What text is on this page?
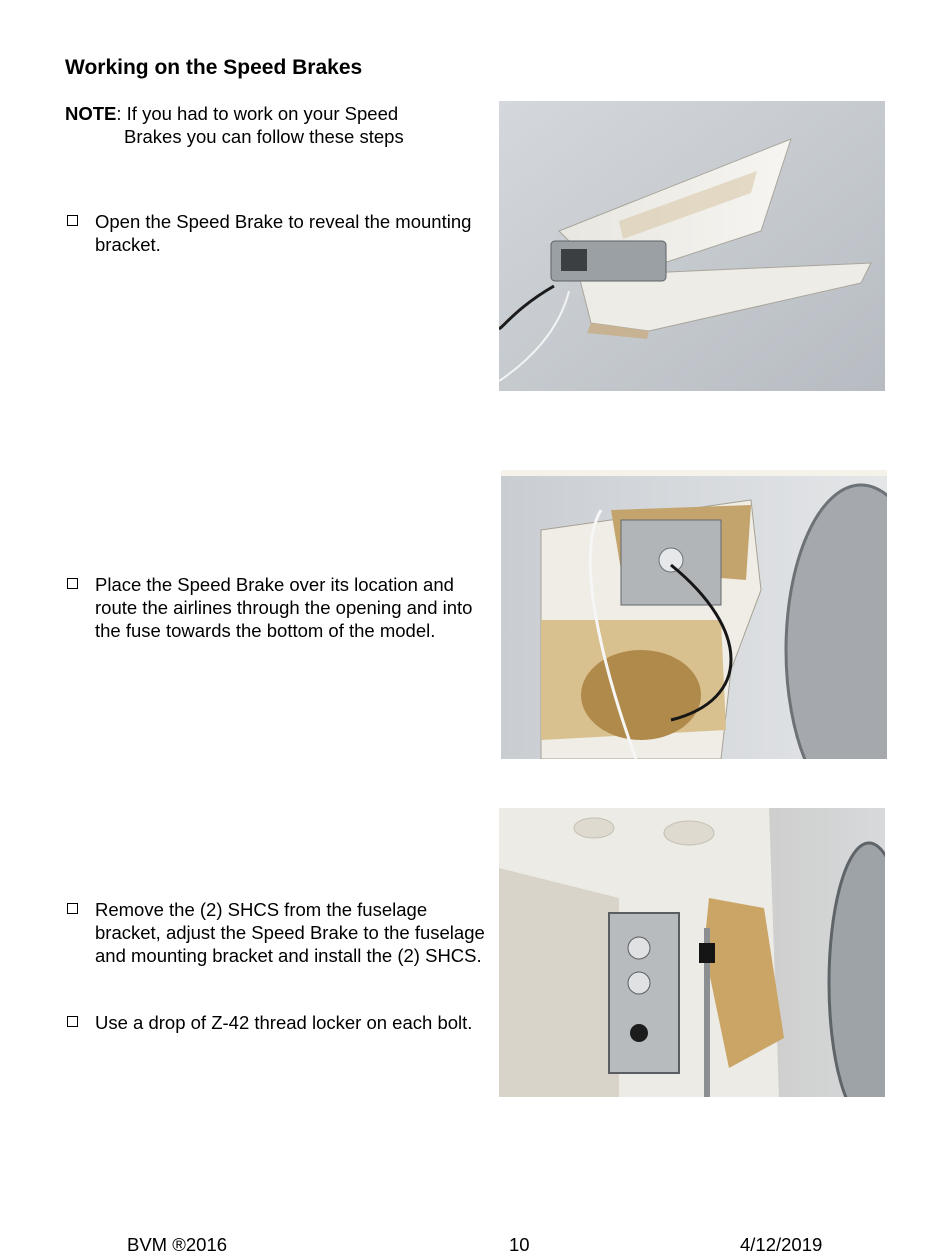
Working on the Speed Brakes
NOTE: If you had to work on your Speed
Brakes you can follow these steps
Open the Speed Brake to reveal the mounting bracket.
Place the Speed Brake over its location and route the airlines through the opening and into the fuse towards the bottom of the model.
Remove the (2) SHCS from the fuselage bracket, adjust the Speed Brake to the fuselage and mounting bracket and install the (2) SHCS.
Use a drop of Z-42 thread locker on each bolt.
BVM ®2016	10	4/12/2019
